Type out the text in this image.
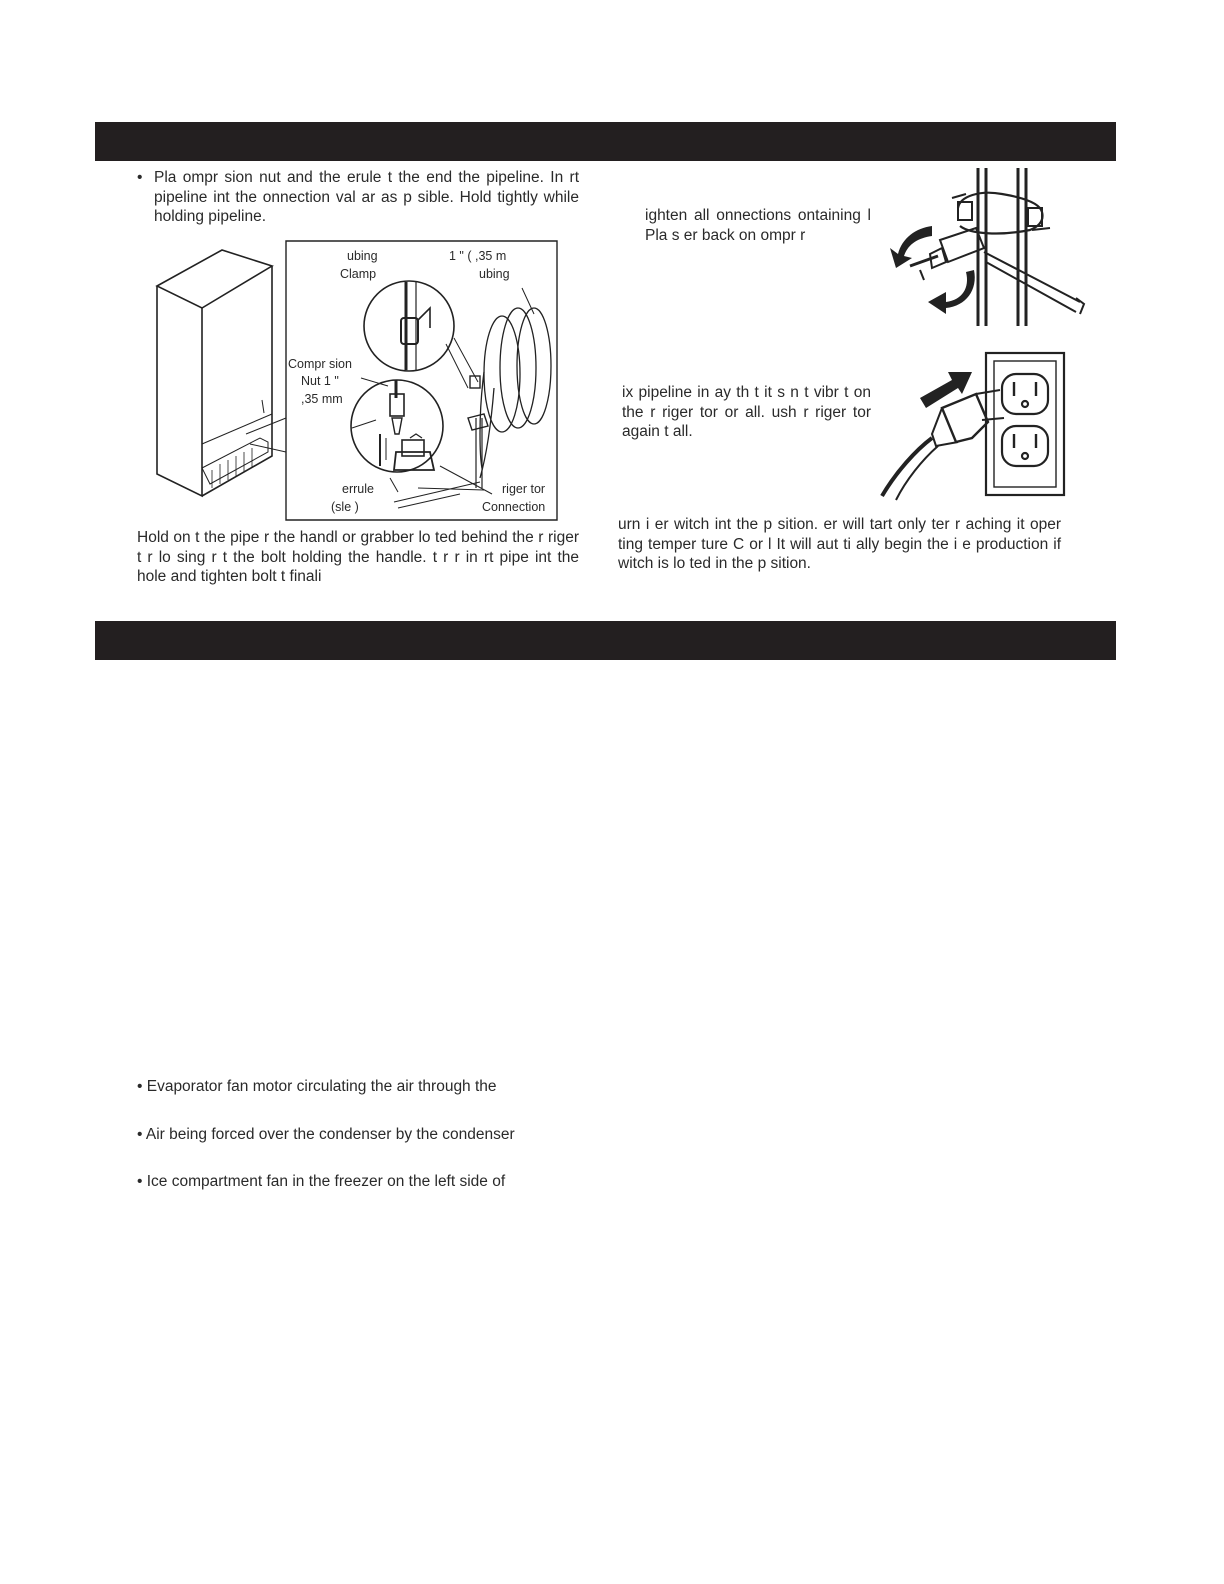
• Pla ompr sion nut and the erule t the end the pipeline. In rt pipeline int the onnection val ar as p sible. Hold tightly while holding pipeline.
ubing
Clamp
1 " ( ,35 m
ubing
Compr sion
Nut 1 "
,35 mm
errule
(sle )
riger tor
Connection
Hold on t the pipe r the handl or grabber lo ted behind the r riger t r lo sing r t the bolt holding the handle. t r r in rt pipe int the hole and tighten bolt t finali
ighten all onnections ontaining l Pla s er back on ompr r
ix pipeline in ay th t it s n t vibr t on the r riger tor or all. ush r riger tor again t all.
urn i er witch int the p sition. er will tart only ter r aching it oper ting temper ture C or l It will aut ti ally begin the i e production if witch is lo ted in the p sition.
• Evaporator fan motor circulating the air through the
• Air being forced over the condenser by the condenser
• Ice compartment fan in the freezer on the left side of
